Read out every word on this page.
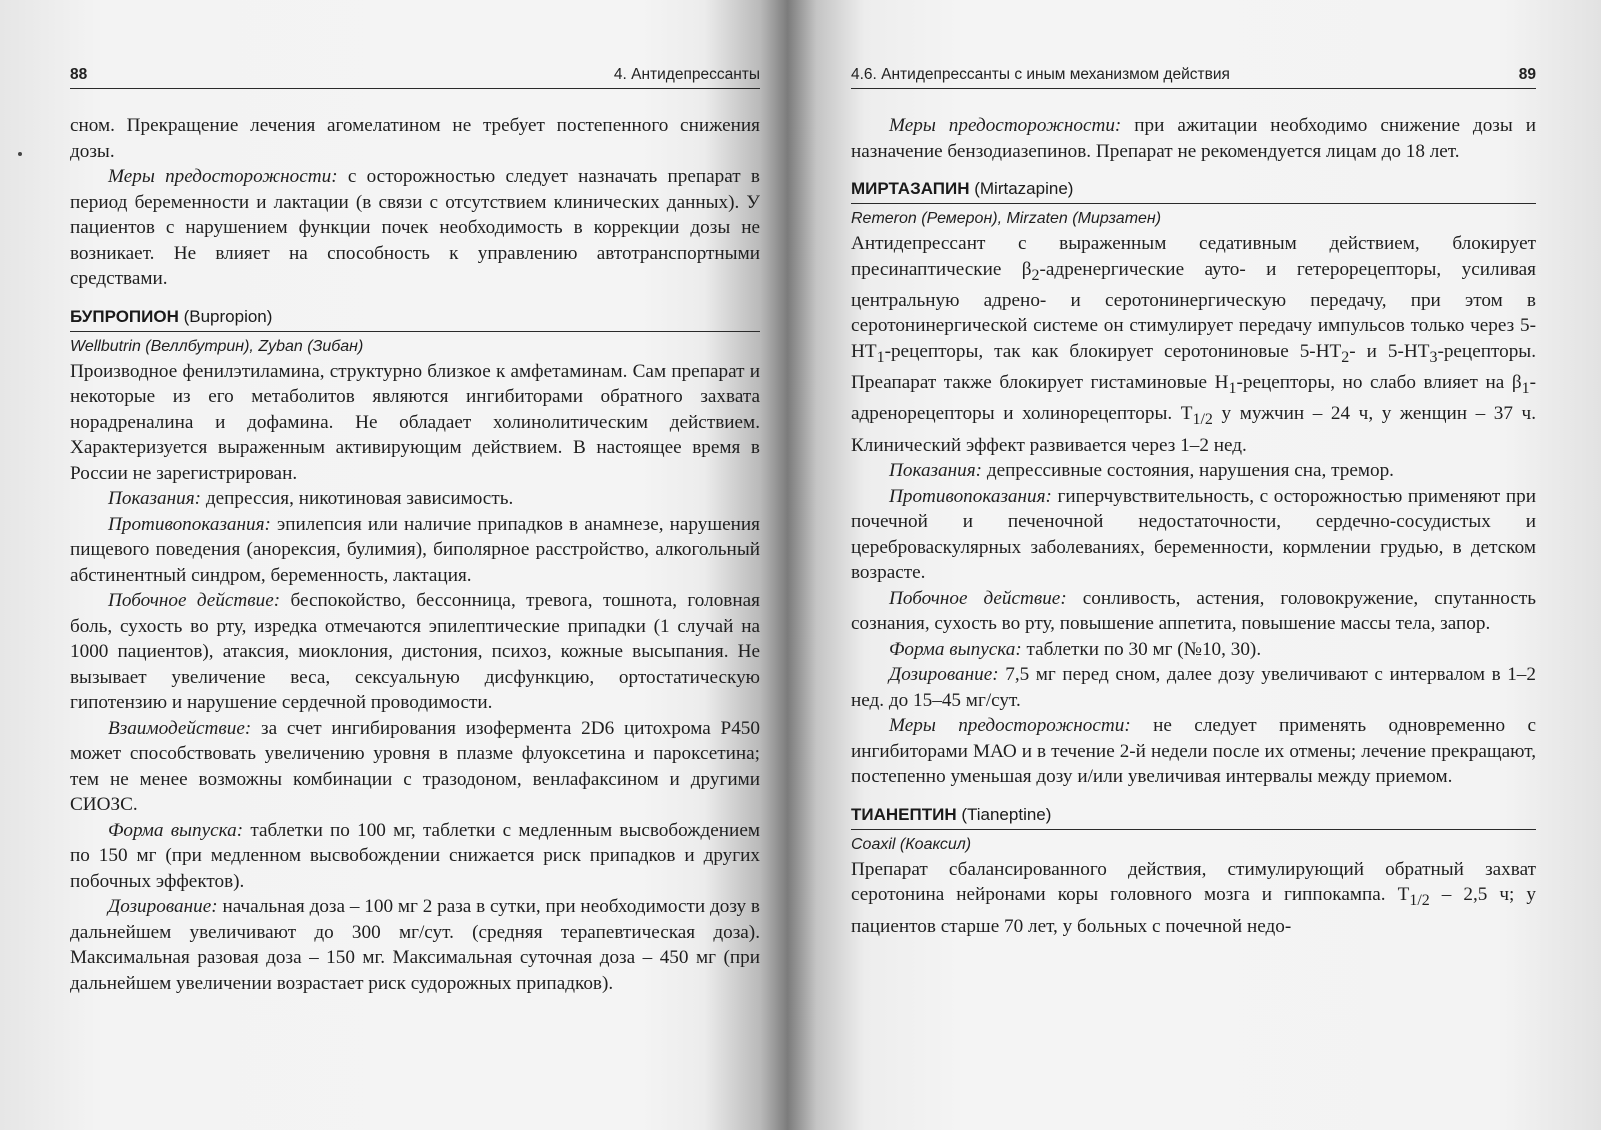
88	4. Антидепрессанты

сном. Прекращение лечения агомелатином не требует постепенного снижения дозы.

Меры предосторожности: с осторожностью следует назначать препарат в период беременности и лактации (в связи с отсутствием клинических данных). У пациентов с нарушением функции почек необходимость в коррекции дозы не возникает. Не влияет на способность к управлению автотранспортными средствами.

БУПРОПИОН (Bupropion)
Wellbutrin (Веллбутрин), Zyban (Зибан)

Производное фенилэтиламина, структурно близкое к амфетаминам. Сам препарат и некоторые из его метаболитов являются ингибиторами обратного захвата норадреналина и дофамина. Не обладает холинолитическим действием. Характеризуется выраженным активирующим действием. В настоящее время в России не зарегистрирован.

Показания: депрессия, никотиновая зависимость.

Противопоказания: эпилепсия или наличие припадков в анамнезе, нарушения пищевого поведения (анорексия, булимия), биполярное расстройство, алкогольный абстинентный синдром, беременность, лактация.

Побочное действие: беспокойство, бессонница, тревога, тошнота, головная боль, сухость во рту, изредка отмечаются эпилептические припадки (1 случай на 1000 пациентов), атаксия, миоклония, дистония, психоз, кожные высыпания. Не вызывает увеличение веса, сексуальную дисфункцию, ортостатическую гипотензию и нарушение сердечной проводимости.

Взаимодействие: за счет ингибирования изофермента 2D6 цитохрома Р450 может способствовать увеличению уровня в плазме флуоксетина и пароксетина; тем не менее возможны комбинации с тразодоном, венлафаксином и другими СИОЗС.

Форма выпуска: таблетки по 100 мг, таблетки с медленным высвобождением по 150 мг (при медленном высвобождении снижается риск припадков и других побочных эффектов).

Дозирование: начальная доза – 100 мг 2 раза в сутки, при необходимости дозу в дальнейшем увеличивают до 300 мг/сут. (средняя терапевтическая доза). Максимальная разовая доза – 150 мг. Максимальная суточная доза – 450 мг (при дальнейшем увеличении возрастает риск судорожных припадков).

4.6. Антидепрессанты с иным механизмом действия	89

Меры предосторожности: при ажитации необходимо снижение дозы и назначение бензодиазепинов. Препарат не рекомендуется лицам до 18 лет.

МИРТАЗАПИН (Mirtazapine)
Remeron (Ремерон), Mirzaten (Мирзатен)

Антидепрессант с выраженным седативным действием, блокирует пресинаптические $\beta_2$-адренергические ауто- и гетерорецепторы, усиливая центральную адрено- и серотонинергическую передачу, при этом в серотонинергической системе он стимулирует передачу импульсов только через $5-НТ_1$-рецепторы, так как блокирует серотониновые $5-НТ_2-$ и $5-НТ_3$-рецепторы. Преапарат также блокирует гистаминовые $Н_1$-рецепторы, но слабо влияет на $\beta_1$-адренорецепторы и холинорецепторы. $Т_{1/2}$ у мужчин – 24 ч, у женщин – 37 ч. Клинический эффект развивается через 1–2 нед.

Показания: депрессивные состояния, нарушения сна, тремор.

Противопоказания: гиперчувствительность, с осторожностью применяют при почечной и печеночной недостаточности, сердечно-сосудистых и цереброваскулярных заболеваниях, беременности, кормлении грудью, в детском возрасте.

Побочное действие: сонливость, астения, головокружение, спутанность сознания, сухость во рту, повышение аппетита, повышение массы тела, запор.

Форма выпуска: таблетки по 30 мг (№10, 30).

Дозирование: 7,5 мг перед сном, далее дозу увеличивают с интервалом в 1–2 нед. до 15–45 мг/сут.

Меры предосторожности: не следует применять одновременно с ингибиторами МАО и в течение 2-й недели после их отмены; лечение прекращают, постепенно уменьшая дозу и/или увеличивая интервалы между приемом.

ТИАНЕПТИН (Tianeptine)
Coaxil (Коаксил)

Препарат сбалансированного действия, стимулирующий обратный захват серотонина нейронами коры головного мозга и гиппокампа. $Т_{1/2} - 2,5$ ч; у пациентов старше 70 лет, у больных с почечной недо-
